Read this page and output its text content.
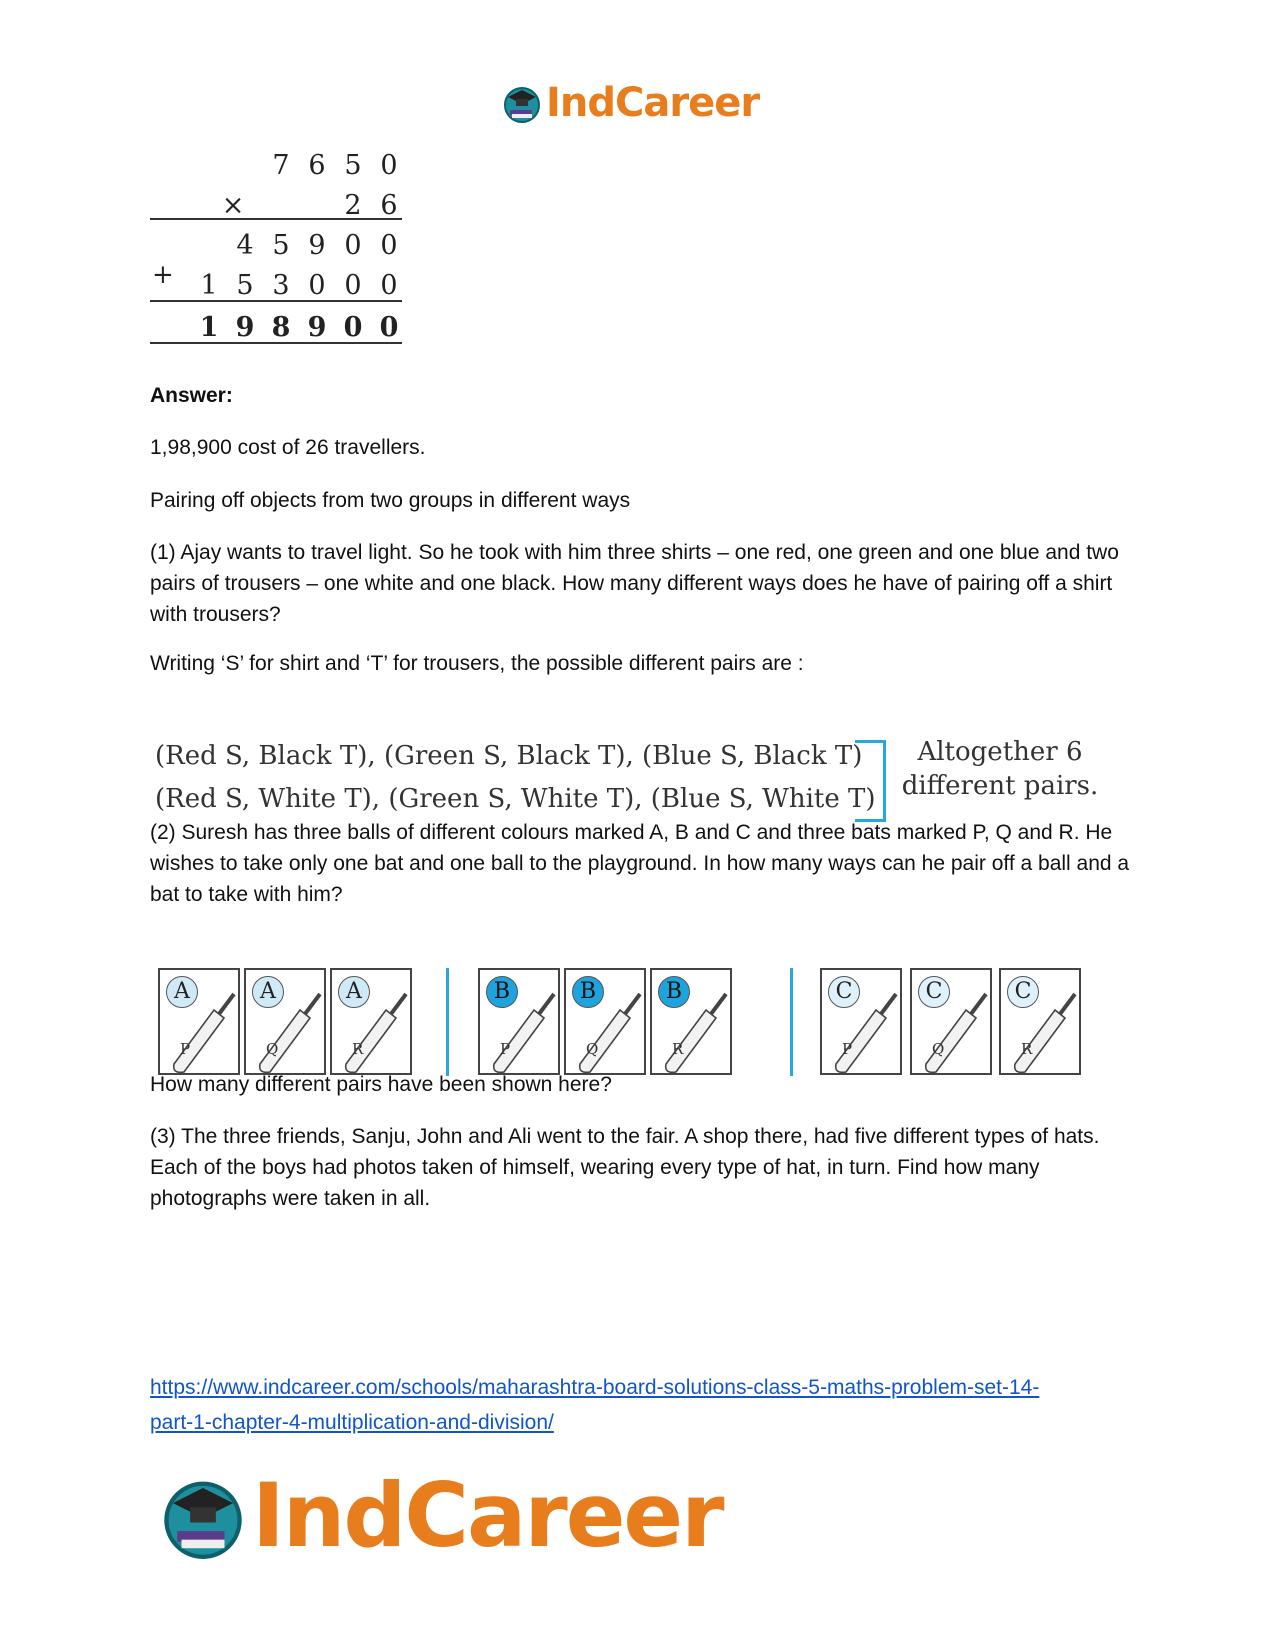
IndCareer
7 6 5 0
×	2 6
4 5 9 0 0
+ 1 5 3 0 0 0
1 9 8 9 0 0

Answer:

1,98,900 cost of 26 travellers.

Pairing off objects from two groups in different ways

(1) Ajay wants to travel light. So he took with him three shirts – one red, one green and one blue and two pairs of trousers – one white and one black. How many different ways does he have of pairing off a shirt with trousers?

Writing ‘S’ for shirt and ‘T’ for trousers, the possible different pairs are :

(Red S, Black T), (Green S, Black T), (Blue S, Black T)
(Red S, White T), (Green S, White T), (Blue S, White T)
Altogether 6
different pairs.

(2) Suresh has three balls of different colours marked A, B and C and three bats marked P, Q and R. He wishes to take only one bat and one ball to the playground. In how many ways can he pair off a ball and a bat to take with him?

A
P
A
Q
A
R
B
P
B
Q
B
R
C
P
C
Q
C
R

How many different pairs have been shown here?

(3) The three friends, Sanju, John and Ali went to the fair. A shop there, had five different types of hats. Each of the boys had photos taken of himself, wearing every type of hat, in turn. Find how many photographs were taken in all.

https://www.indcareer.com/schools/maharashtra-board-solutions-class-5-maths-problem-set-14-
part-1-chapter-4-multiplication-and-division/
IndCareer
